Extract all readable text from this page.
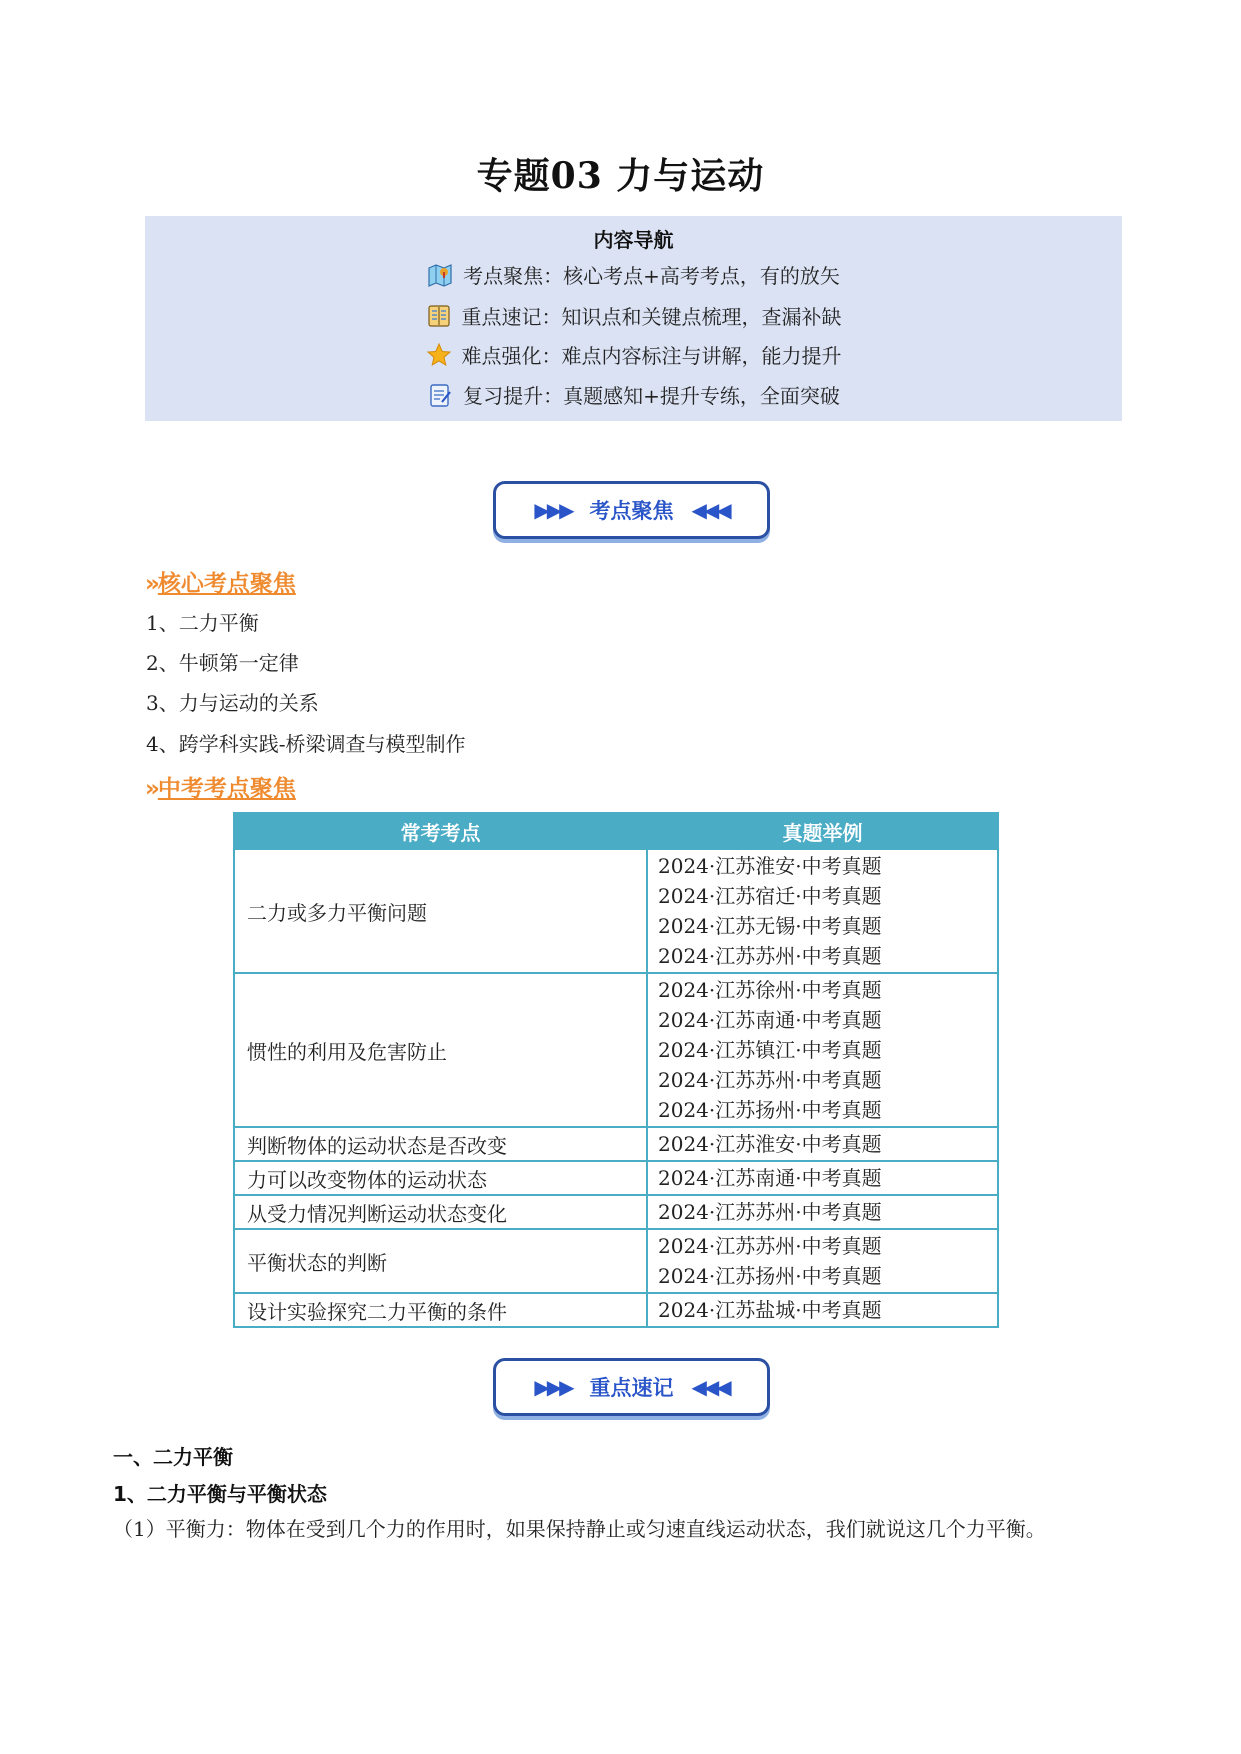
专题03 力与运动
内容导航
考点聚焦：核心考点+高考考点，有的放矢
重点速记：知识点和关键点梳理，查漏补缺
难点强化：难点内容标注与讲解，能力提升
复习提升：真题感知+提升专练，全面突破
▶▶▶ 考点聚焦 ◀◀◀
»核心考点聚焦
1、二力平衡
2、牛顿第一定律
3、力与运动的关系
4、跨学科实践-桥梁调查与模型制作
»中考考点聚焦
常考考点	真题举例
二力或多力平衡问题	2024·江苏淮安·中考真题
2024·江苏宿迁·中考真题
2024·江苏无锡·中考真题
2024·江苏苏州·中考真题

惯性的利用及危害防止	2024·江苏徐州·中考真题
2024·江苏南通·中考真题
2024·江苏镇江·中考真题
2024·江苏苏州·中考真题
2024·江苏扬州·中考真题

判断物体的运动状态是否改变	2024·江苏淮安·中考真题

力可以改变物体的运动状态	2024·江苏南通·中考真题

从受力情况判断运动状态变化	2024·江苏苏州·中考真题

平衡状态的判断	2024·江苏苏州·中考真题
2024·江苏扬州·中考真题

设计实验探究二力平衡的条件	2024·江苏盐城·中考真题
▶▶▶ 重点速记 ◀◀◀
一、二力平衡
1、二力平衡与平衡状态
（1）平衡力：物体在受到几个力的作用时，如果保持静止或匀速直线运动状态，我们就说这几个力平衡。
